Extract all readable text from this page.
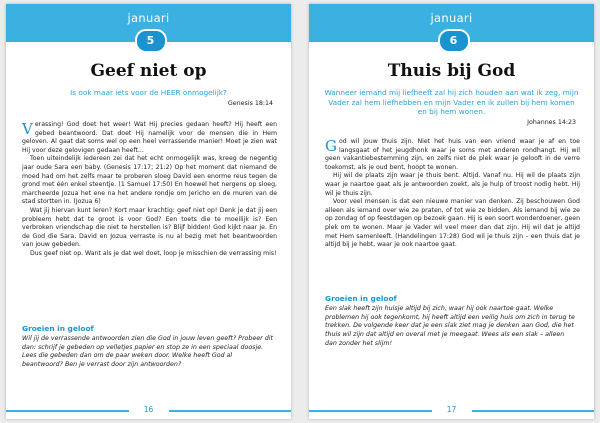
januari
5
Geef niet op
Is ook maar iets voor de HEER onmogelijk?
Genesis 18:14

Verassing! God doet het weer! Wat Hij precies gedaan heeft? Hij heeft een gebed beantwoord. Dat doet Hij namelijk voor de mensen die in Hem geloven. Al gaat dat soms wel op een heel verrassende manier! Moet je zien wat Hij voor deze gelovigen gedaan heeft...

Toen uiteindelijk iedereen zei dat het echt onmogelijk was, kreeg de negentig jaar oude Sara een baby. (Genesis 17:17; 21:2) Op het moment dat niemand de moed had om het zelfs maar te proberen sloeg David een enorme reus tegen de grond met één enkel steentje. (1 Samuel 17:50) En hoewel het nergens op sloeg, marcheerde Jozua het ene na het andere rondje om Jericho en de muren van de stad stortten in. (Jozua 6)

Wat jij hiervan kunt leren? Kort maar krachtig: geef niet op! Denk je dat jij een probleem hebt dat te groot is voor God? Een toets die te moeilijk is? Een verbroken vriendschap die niet te herstellen is? Blijf bidden! God kijkt naar je. En de God die Sara, David en Jozua verraste is nu al bezig met het beantwoorden van jouw gebeden.

Dus geef niet op. Want als je dat wel doet, loop je misschien de verrassing mis!

Groeien in geloof
Wil jij de verrassende antwoorden zien die God in jouw leven geeft? Probeer dit dan: schrijf je gebeden op velletjes papier en stop ze in een speciaal doosje. Lees die gebeden dan om de paar weken door. Welke heeft God al beantwoord? Ben je verrast door zijn antwoorden?
16
januari
6
Thuis bij God
Wanneer iemand mij liefheeft zal hij zich houden aan wat ik zeg, mijn Vader zal hem liefhebben en mijn Vader en ik zullen bij hem komen en bij hem wonen.
Johannes 14:23

God wil jouw thuis zijn. Niet het huis van een vriend waar je af en toe langsgaat of het jeugdhonk waar je soms met anderen rondhangt. Hij wil geen vakantiebestemming zijn, en zelfs niet de plek waar je gelooft in de verre toekomst, als je oud bent, hoopt te wonen.

Hij wil de plaats zijn waar je thuis bent. Altijd. Vanaf nu. Hij wil de plaats zijn waar je naartoe gaat als je antwoorden zoekt, als je hulp of troost nodig hebt. Hij wil je thuis zijn.

Voor veel mensen is dat een nieuwe manier van denken. Zij beschouwen God alleen als iemand over wie ze praten, of tot wie ze bidden. Als iemand bij wie ze op zondag of op feestdagen op bezoek gaan. Hij is een soort wonderdoener, geen plek om te wonen. Maar je Vader wil veel meer dan dat zijn. Hij wil dat je altijd met Hem samenleeft. (Handelingen 17:28) God wil je thuis zijn – een thuis dat je altijd bij je hebt, waar je ook naartoe gaat.

Groeien in geloof
Een slak heeft zijn huisje altijd bij zich, waar hij ook naartoe gaat. Welke problemen hij ook tegenkomt, hij heeft altijd een veilig huis om zich in terug te trekken. De volgende keer dat je een slak ziet mag je denken aan God, die het thuis wil zijn dat altijd en overal met je meegaat. Wees als een slak – alleen dan zonder het slijm!
17
